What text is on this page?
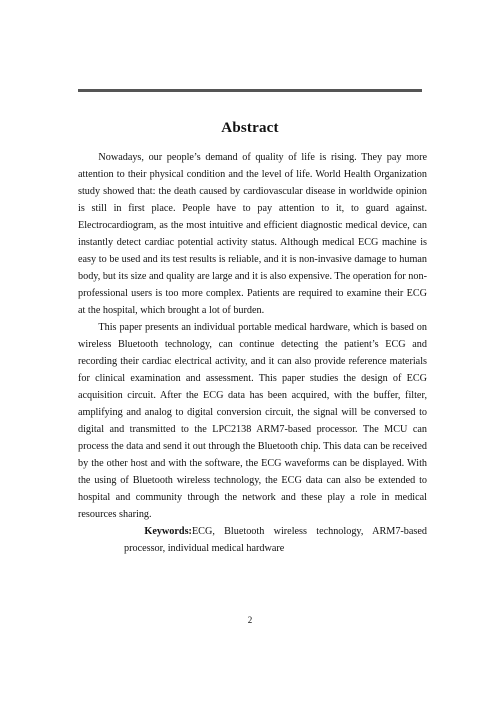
Abstract

Nowadays, our people’s demand of quality of life is rising. They pay more attention to their physical condition and the level of life. World Health Organization study showed that: the death caused by cardiovascular disease in worldwide opinion is still in first place. People have to pay attention to it, to guard against. Electrocardiogram, as the most intuitive and efficient diagnostic medical device, can instantly detect cardiac potential activity status. Although medical ECG machine is easy to be used and its test results is reliable, and it is non-invasive damage to human body, but its size and quality are large and it is also expensive. The operation for non-professional users is too more complex. Patients are required to examine their ECG at the hospital, which brought a lot of burden.

This paper presents an individual portable medical hardware, which is based on wireless Bluetooth technology, can continue detecting the patient’s ECG and recording their cardiac electrical activity, and it can also provide reference materials for clinical examination and assessment. This paper studies the design of ECG acquisition circuit. After the ECG data has been acquired, with the buffer, filter, amplifying and analog to digital conversion circuit, the signal will be conversed to digital and transmitted to the LPC2138 ARM7-based processor. The MCU can process the data and send it out through the Bluetooth chip. This data can be received by the other host and with the software, the ECG waveforms can be displayed. With the using of Bluetooth wireless technology, the ECG data can also be extended to hospital and community through the network and these play a role in medical resources sharing.

Keywords:ECG, Bluetooth wireless technology, ARM7-based processor, individual medical hardware

2
